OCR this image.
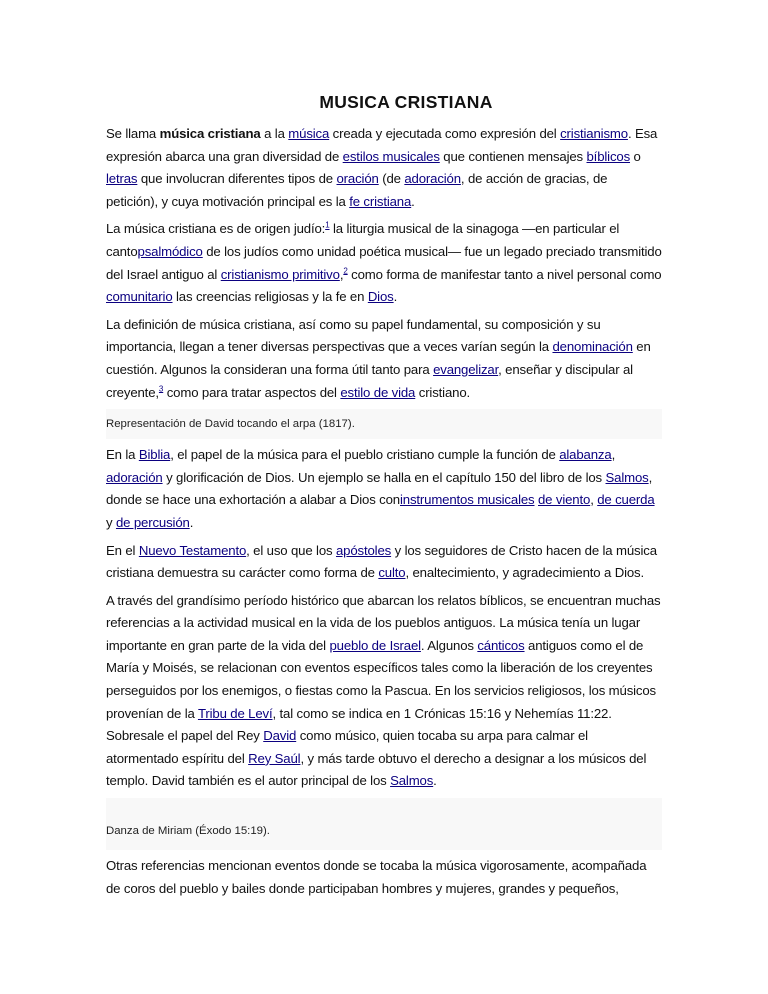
MUSICA CRISTIANA

Se llama música cristiana a la música creada y ejecutada como expresión del cristianismo. Esa expresión abarca una gran diversidad de estilos musicales que contienen mensajes bíblicos o letras que involucran diferentes tipos de oración (de adoración, de acción de gracias, de petición), y cuya motivación principal es la fe cristiana.

La música cristiana es de origen judío:$^1$ la liturgia musical de la sinagoga —en particular el cantopsalmódico de los judíos como unidad poética musical— fue un legado preciado transmitido del Israel antiguo al cristianismo primitivo,$^2$ como forma de manifestar tanto a nivel personal como comunitario las creencias religiosas y la fe en Dios.

La definición de música cristiana, así como su papel fundamental, su composición y su importancia, llegan a tener diversas perspectivas que a veces varían según la denominación en cuestión. Algunos la consideran una forma útil tanto para evangelizar, enseñar y discipular al creyente,$^3$ como para tratar aspectos del estilo de vida cristiano.

Representación de David tocando el arpa (1817).

En la Biblia, el papel de la música para el pueblo cristiano cumple la función de alabanza, adoración y glorificación de Dios. Un ejemplo se halla en el capítulo 150 del libro de los Salmos, donde se hace una exhortación a alabar a Dios coninstrumentos musicales de viento, de cuerda y de percusión.

En el Nuevo Testamento, el uso que los apóstoles y los seguidores de Cristo hacen de la música cristiana demuestra su carácter como forma de culto, enaltecimiento, y agradecimiento a Dios.

A través del grandísimo período histórico que abarcan los relatos bíblicos, se encuentran muchas referencias a la actividad musical en la vida de los pueblos antiguos. La música tenía un lugar importante en gran parte de la vida del pueblo de Israel. Algunos cánticos antiguos como el de María y Moisés, se relacionan con eventos específicos tales como la liberación de los creyentes perseguidos por los enemigos, o fiestas como la Pascua. En los servicios religiosos, los músicos provenían de la Tribu de Leví, tal como se indica en 1 Crónicas 15:16 y Nehemías 11:22. Sobresale el papel del Rey David como músico, quien tocaba su arpa para calmar el atormentado espíritu del Rey Saúl, y más tarde obtuvo el derecho a designar a los músicos del templo. David también es el autor principal de los Salmos.

Danza de Miriam (Éxodo 15:19).

Otras referencias mencionan eventos donde se tocaba la música vigorosamente, acompañada de coros del pueblo y bailes donde participaban hombres y mujeres, grandes y pequeños,
